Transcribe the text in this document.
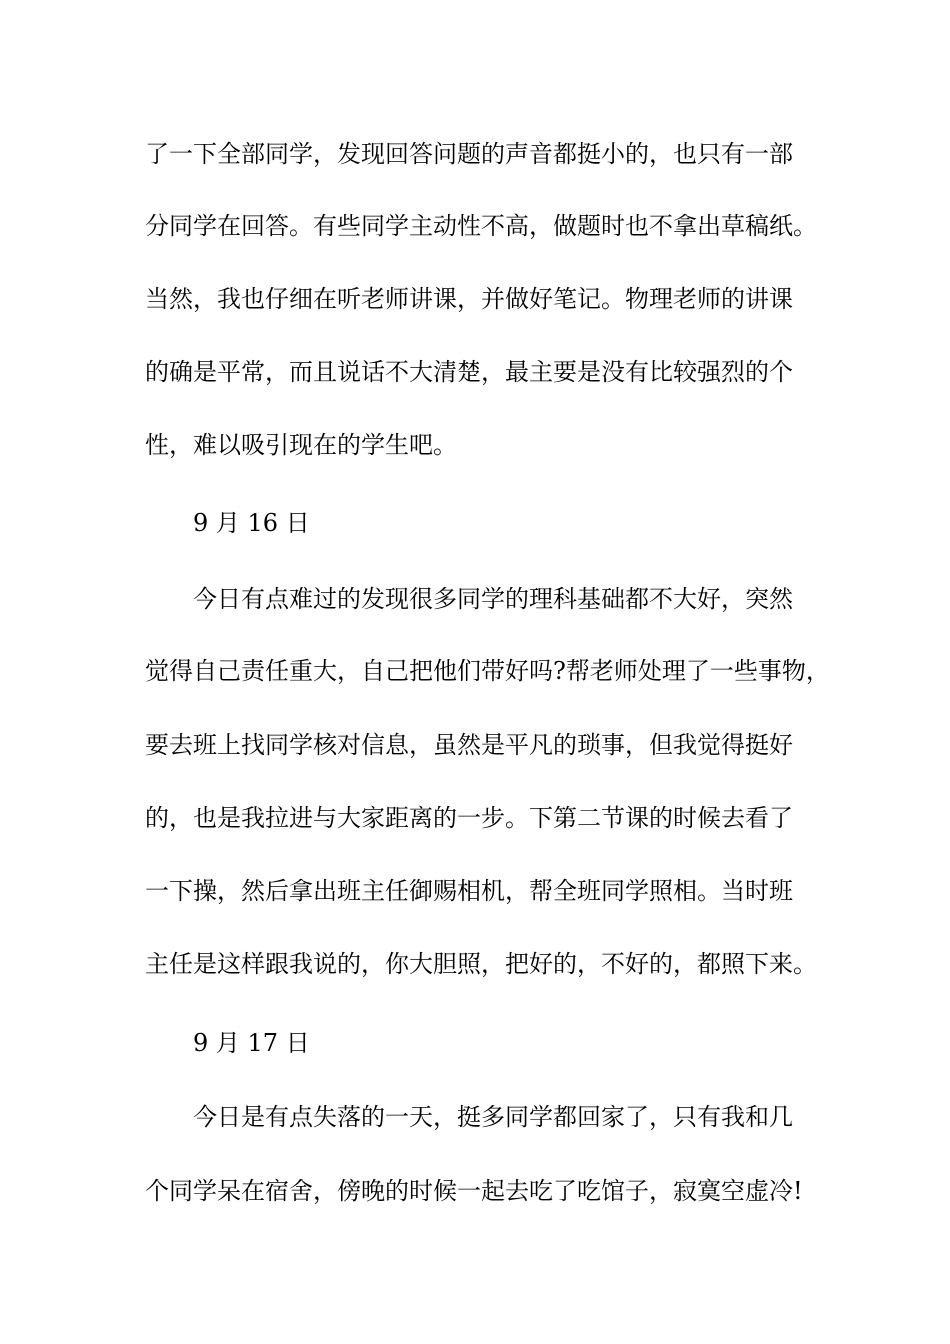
了一下全部同学，发现回答问题的声音都挺小的，也只有一部
分同学在回答。有些同学主动性不高，做题时也不拿出草稿纸。
当然，我也仔细在听老师讲课，并做好笔记。物理老师的讲课
的确是平常，而且说话不大清楚，最主要是没有比较强烈的个
性，难以吸引现在的学生吧。
9 月 16 日
今日有点难过的发现很多同学的理科基础都不大好，突然
觉得自己责任重大，自己把他们带好吗?帮老师处理了一些事物，
要去班上找同学核对信息，虽然是平凡的琐事，但我觉得挺好
的，也是我拉进与大家距离的一步。下第二节课的时候去看了
一下操，然后拿出班主任御赐相机，帮全班同学照相。当时班
主任是这样跟我说的，你大胆照，把好的，不好的，都照下来。
9 月 17 日
今日是有点失落的一天，挺多同学都回家了，只有我和几
个同学呆在宿舍，傍晚的时候一起去吃了吃馆子，寂寞空虚冷!
